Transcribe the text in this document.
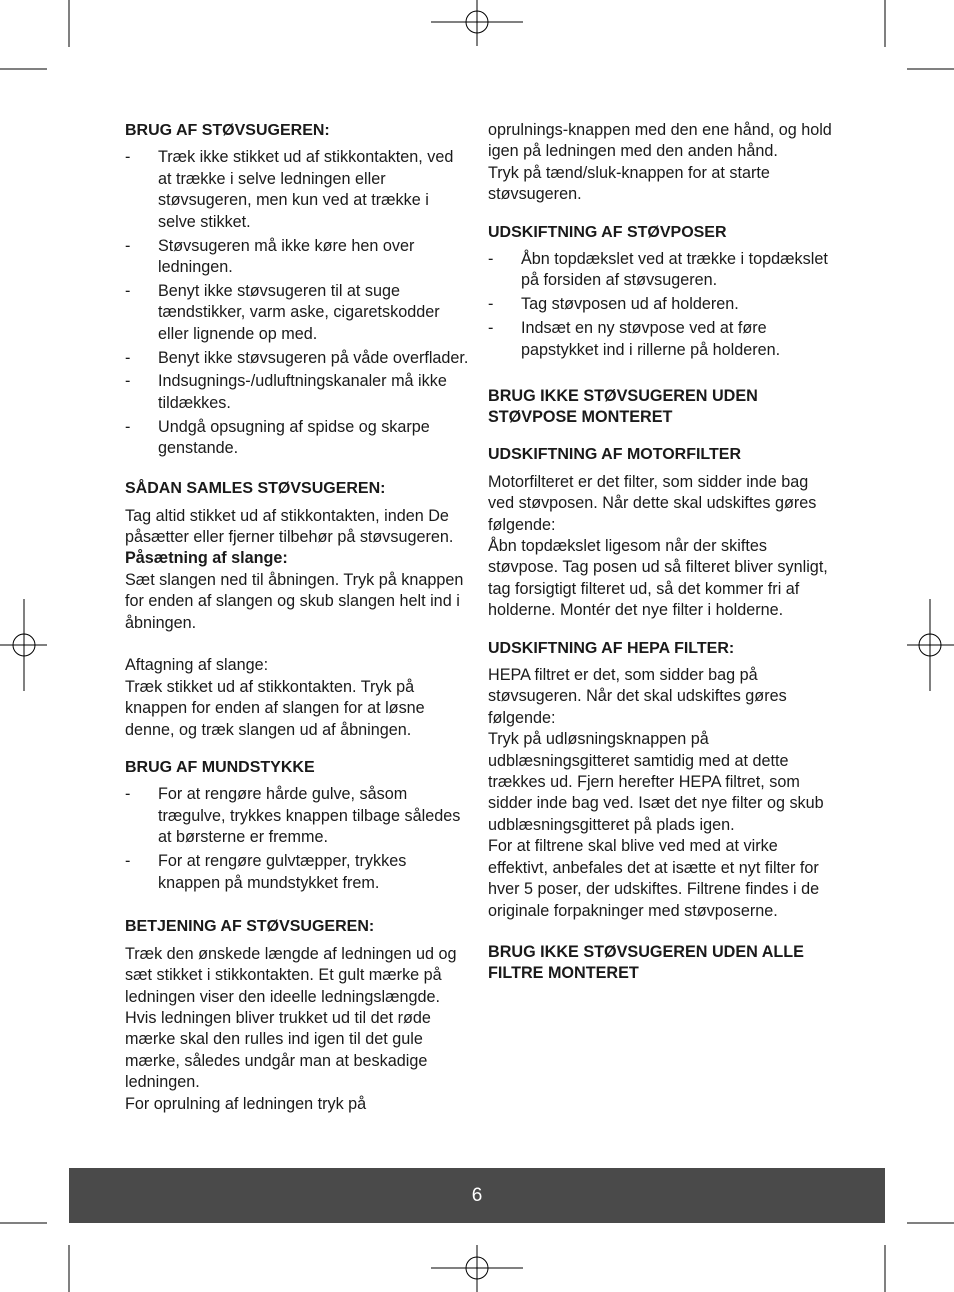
BRUG AF STØVSUGEREN:
- Træk ikke stikket ud af stikkontakten, ved at trække i selve ledningen eller støvsugeren, men kun ved at trække i selve stikket.
- Støvsugeren må ikke køre hen over ledningen.
- Benyt ikke støvsugeren til at suge tændstikker, varm aske, cigaretskodder eller lignende op med.
- Benyt ikke støvsugeren på våde overflader.
- Indsugnings-/udluftningskanaler må ikke tildækkes.
- Undgå opsugning af spidse og skarpe genstande.
SÅDAN SAMLES STØVSUGEREN:

Tag altid stikket ud af stikkontakten, inden De påsætter eller fjerner tilbehør på støvsugeren.

Påsætning af slange:

Sæt slangen ned til åbningen. Tryk på knappen for enden af slangen og skub slangen helt ind i åbningen.

Aftagning af slange:

Træk stikket ud af stikkontakten. Tryk på knappen for enden af slangen for at løsne denne, og træk slangen ud af åbningen.

BRUG AF MUNDSTYKKE
- For at rengøre hårde gulve, såsom trægulve, trykkes knappen tilbage således at børsterne er fremme.
- For at rengøre gulvtæpper, trykkes knappen på mundstykket frem.
BETJENING AF STØVSUGEREN:

Træk den ønskede længde af ledningen ud og sæt stikket i stikkontakten. Et gult mærke på ledningen viser den ideelle ledningslængde. Hvis ledningen bliver trukket ud til det røde mærke skal den rulles ind igen til det gule mærke, således undgår man at beskadige ledningen.

For oprulning af ledningen tryk på

oprulnings-knappen med den ene hånd, og hold igen på ledningen med den anden hånd.

Tryk på tænd/sluk-knappen for at starte støvsugeren.

UDSKIFTNING AF STØVPOSER
- Åbn topdækslet ved at trække i topdækslet på forsiden af støvsugeren.
- Tag støvposen ud af holderen.
- Indsæt en ny støvpose ved at føre papstykket ind i rillerne på holderen.

BRUG IKKE STØVSUGEREN UDEN STØVPOSE MONTERET

UDSKIFTNING AF MOTORFILTER

Motorfilteret er det filter, som sidder inde bag ved støvposen. Når dette skal udskiftes gøres følgende:

Åbn topdækslet ligesom når der skiftes støvpose. Tag posen ud så filteret bliver synligt, tag forsigtigt filteret ud, så det kommer fri af holderne. Montér det nye filter i holderne.

UDSKIFTNING AF HEPA FILTER:

HEPA filtret er det, som sidder bag på støvsugeren. Når det skal udskiftes gøres følgende:

Tryk på udløsningsknappen på udblæsningsgitteret samtidig med at dette trækkes ud. Fjern herefter HEPA filtret, som sidder inde bag ved. Isæt det nye filter og skub udblæsningsgitteret på plads igen.

For at filtrene skal blive ved med at virke effektivt, anbefales det at isætte et nyt filter for hver 5 poser, der udskiftes. Filtrene findes i de originale forpakninger med støvposerne.

BRUG IKKE STØVSUGEREN UDEN ALLE FILTRE MONTERET

6
